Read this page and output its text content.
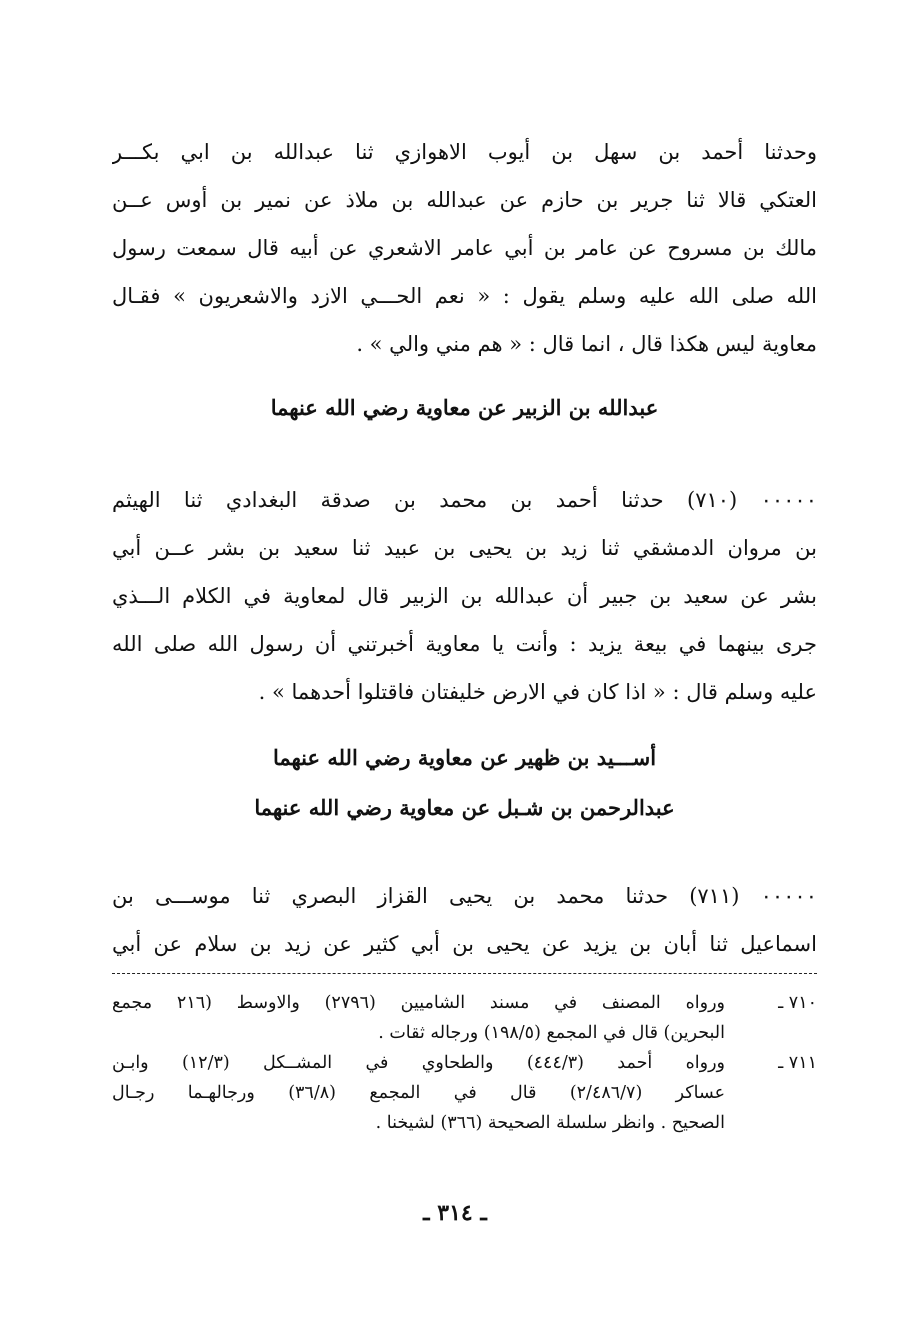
وحدثنا أحمد بن سهل بن أيوب الاهوازي ثنا عبدالله بن ابي بكـــر
العتكي قالا ثنا جرير بن حازم عن عبدالله بن ملاذ عن نمير بن أوس عــن
مالك بن مسروح عن عامر بن أبي عامر الاشعري عن أبيه قال سمعت رسول
الله صلى الله عليه وسلم يقول : « نعم الحـــي الازد والاشعريون » فقـال
معاوية ليس هكذا قال ، انما قال : « هم مني والي » .
عبدالله بن الزبير عن معاوية رضي الله عنهما
٠٠٠٠٠ (٧١٠) حدثنا أحمد بن محمد بن صدقة البغدادي ثنا الهيثم
بن مروان الدمشقي ثنا زيد بن يحيى بن عبيد ثنا سعيد بن بشر عــن أبي
بشر عن سعيد بن جبير أن عبدالله بن الزبير قال لمعاوية في الكلام الـــذي
جرى بينهما في بيعة يزيد : وأنت يا معاوية أخبرتني أن رسول الله صلى الله
عليه وسلم قال : « اذا كان في الارض خليفتان فاقتلوا أحدهما » .
أســـيد بن ظهير عن معاوية رضي الله عنهما
عبدالرحمن بن شـبل عن معاوية رضي الله عنهما
٠٠٠٠٠ (٧١١) حدثنا محمد بن يحيى القزاز البصري ثنا موســـى بن
اسماعيل ثنا أبان بن يزيد عن يحيى بن أبي كثير عن زيد بن سلام عن أبي
٧١٠ ـ
ورواه المصنف في مسند الشاميين (٢٧٩٦) والاوسط (٢١٦ مجمع
البحرين) قال في المجمع (١٩٨/٥) ورجاله ثقات .
٧١١ ـ
ورواه أحمد (٤٤٤/٣) والطحاوي في المشــكل (١٢/٣) وابـن
عساكر (٢/٤٨٦/٧) قال في المجمع (٣٦/٨) ورجالهـما رجـال
الصحيح . وانظر سلسلة الصحيحة (٣٦٦) لشيخنا .
ـ ٣١٤ ـ
